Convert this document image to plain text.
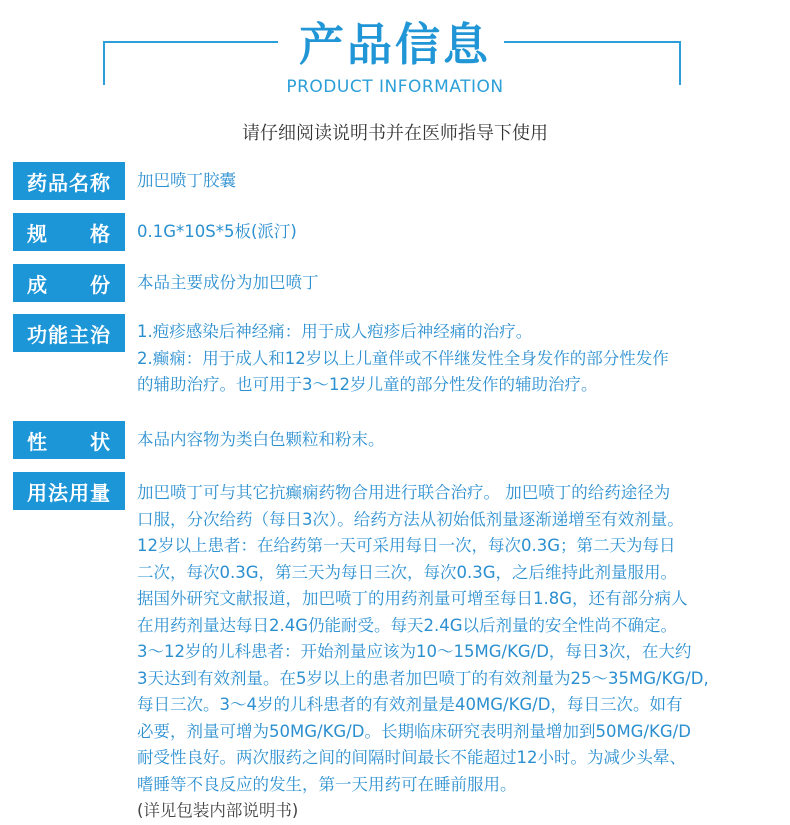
产品信息
PRODUCT INFORMATION
请仔细阅读说明书并在医师指导下使用
药品名称	加巴喷丁胶囊
规 格 0.1G*10S*5板(派汀)
成 份 本品主要成份为加巴喷丁
功能主治	1.疱疹感染后神经痛：用于成人疱疹后神经痛的治疗。
2.癫痫：用于成人和12岁以上儿童伴或不伴继发性全身发作的部分性发作
的辅助治疗。也可用于3～12岁儿童的部分性发作的辅助治疗。
性 状 本品内容物为类白色颗粒和粉末。
用法用量	加巴喷丁可与其它抗癫痫药物合用进行联合治疗。 加巴喷丁的给药途径为
口服，分次给药（每日3次）。给药方法从初始低剂量逐渐递增至有效剂量。
12岁以上患者：在给药第一天可采用每日一次，每次0.3G；第二天为每日
二次，每次0.3G，第三天为每日三次，每次0.3G，之后维持此剂量服用。
据国外研究文献报道，加巴喷丁的用药剂量可增至每日1.8G，还有部分病人
在用药剂量达每日2.4G仍能耐受。每天2.4G以后剂量的安全性尚不确定。
3～12岁的儿科患者：开始剂量应该为10～15MG/KG/D，每日3次，在大约
3天达到有效剂量。在5岁以上的患者加巴喷丁的有效剂量为25～35MG/KG/D,
每日三次。3～4岁的儿科患者的有效剂量是40MG/KG/D，每日三次。如有
必要，剂量可增为50MG/KG/D。长期临床研究表明剂量增加到50MG/KG/D
耐受性良好。两次服药之间的间隔时间最长不能超过12小时。为减少头晕、
嗜睡等不良反应的发生，第一天用药可在睡前服用。
(详见包装内部说明书)
